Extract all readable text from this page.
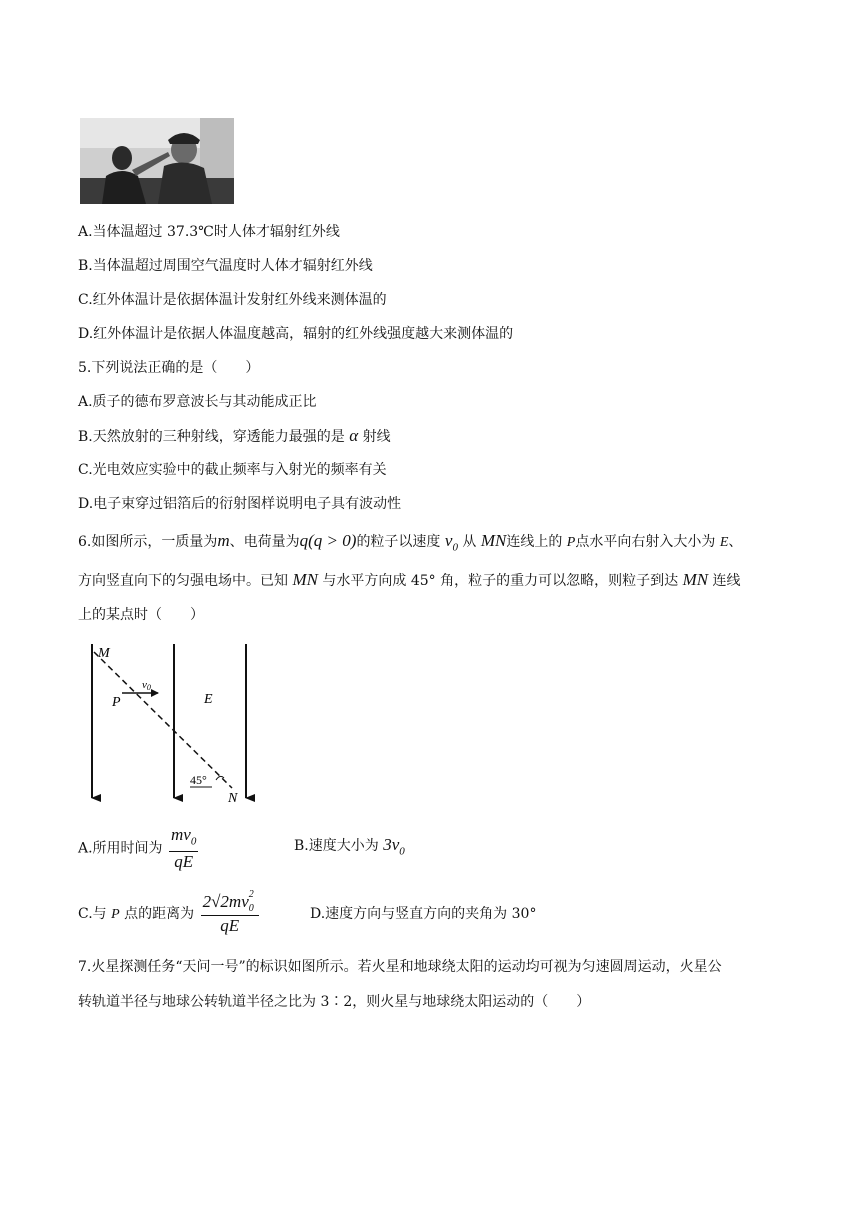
A.当体温超过 37.3℃时人体才辐射红外线
B.当体温超过周围空气温度时人体才辐射红外线
C.红外体温计是依据体温计发射红外线来测体温的
D.红外体温计是依据人体温度越高，辐射的红外线强度越大来测体温的
5.下列说法正确的是（　　）
A.质子的德布罗意波长与其动能成正比
B.天然放射的三种射线，穿透能力最强的是 α 射线
C.光电效应实验中的截止频率与入射光的频率有关
D.电子束穿过铝箔后的衍射图样说明电子具有波动性
6.如图所示，一质量为m、电荷量为q(q > 0)的粒子以速度 $v_0$ 从 MN连线上的 P点水平向右射入大小为 E、
方向竖直向下的匀强电场中。已知 MN 与水平方向成 45° 角，粒子的重力可以忽略，则粒子到达 MN 连线
上的某点时（　　）
M
P	E
N
v0
45°
A.所用时间为 $\frac{mv_0}{qE}$	B.速度大小为 $3v_0$
C.与 P 点的距离为 2√2mv 2
0

qE	D.速度方向与竖直方向的夹角为 30°
7.火星探测任务“天问一号”的标识如图所示。若火星和地球绕太阳的运动均可视为匀速圆周运动，火星公
转轨道半径与地球公转轨道半径之比为 3∶2，则火星与地球绕太阳运动的（　　）
